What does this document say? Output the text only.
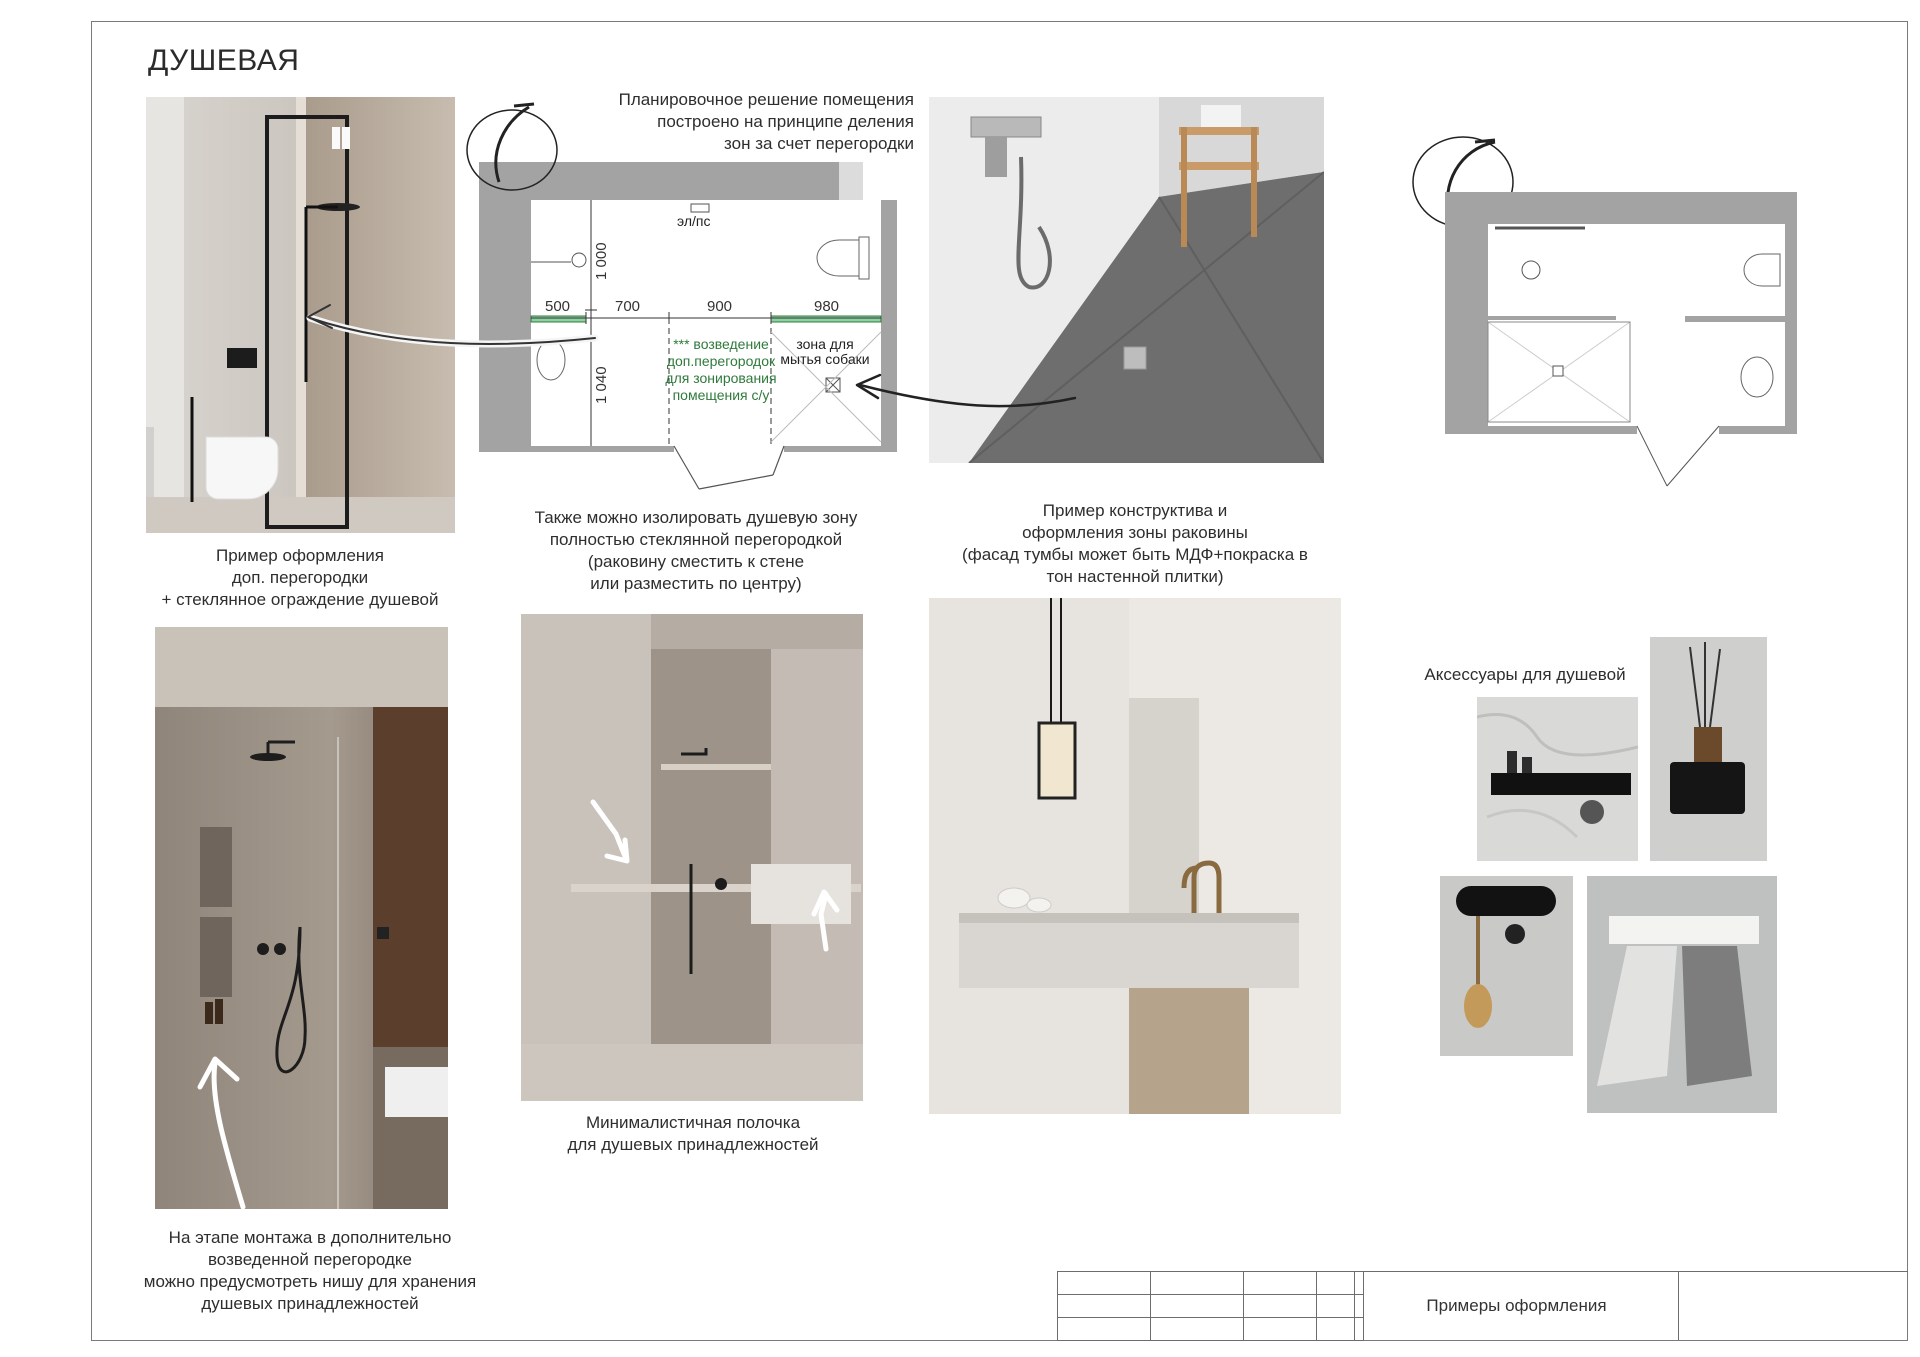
ДУШЕВАЯ
500	700	900	980
1 000
1 040
эл/пс
*** возведение
доп.перегородок
для зонирования
помещения с/у
зона для
мытья собаки
Планировочное решение помещения
построено на принципе деления
зон за счет перегородки
Пример оформления
доп. перегородки
+ стеклянное ограждение душевой
Также можно изолировать душевую зону
полностью стеклянной перегородкой
(раковину сместить к стене
или разместить по центру)
Пример конструктива и
оформления зоны раковины
(фасад тумбы может быть МДФ+покраска в
тон настенной плитки)
Аксессуары для душевой
На этапе монтажа в дополнительно
возведенной перегородке
можно предусмотреть нишу для хранения
душевых принадлежностей
Минималистичная полочка
для душевых принадлежностей

Примеры оформления
